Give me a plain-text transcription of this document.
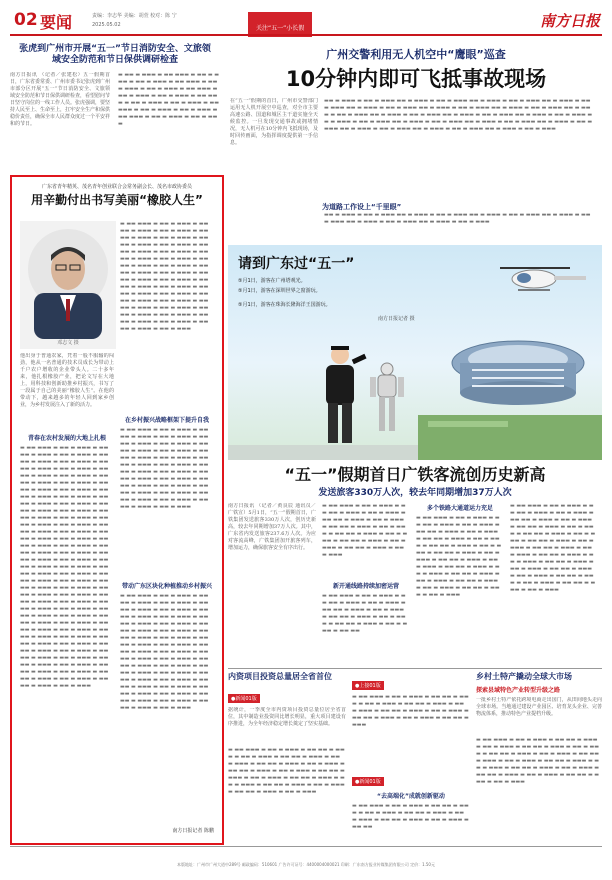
02 要闻	责编：李志华 美编：胡萱 校对：陈 宁
2025.05.02	关注“五一”小长假	南方日报
张虎到广州市开展“五一”节日消防安全、文旅领域安全防范和节日保供调研检查
南方日报讯 （记者／张建松）五一假期首日，广东省委常委、广州市委书记张虎到广州市部分区开展“五一”节日消防安全、文旅领域安全防范和节日保供调研检查，看望慰问节日坚守岗位的一线工作人员。张虎强调，要坚持人民至上、生命至上，扛牢安全生产和保供稳价责任，确保全市人民群众度过一个平安祥和的节日。
▬ ▬▬ ▬ ▬▬▬ ▬ ▬▬ ▬▬▬ ▬ ▬▬ ▬ ▬▬▬ ▬ ▬▬ ▬ ▬▬▬ ▬ ▬▬ ▬▬▬ ▬ ▬▬ ▬ ▬▬▬ ▬ ▬▬ ▬ ▬▬▬ ▬ ▬▬ ▬▬▬ ▬ ▬▬ ▬ ▬▬▬ ▬ ▬▬ ▬ ▬▬▬ ▬ ▬▬ ▬▬▬ ▬ ▬▬ ▬ ▬▬▬ ▬ ▬▬ ▬ ▬▬▬ ▬ ▬▬ ▬▬▬ ▬ ▬▬ ▬ ▬▬▬ ▬ ▬▬ ▬ ▬▬▬ ▬ ▬▬ ▬▬▬ ▬ ▬▬ ▬ ▬▬▬ ▬ ▬▬ ▬ ▬▬▬
广州交警利用无人机空中“鹰眼”巡查
10分钟内即可飞抵事故现场
在“五一”假期的首日，广州市交警部门运用无人机开展空中巡查，对全市主要高速公路、国道和城区主干道实施全天候监控。一旦发现交通事故或拥堵情况，无人机可在10分钟内飞抵现场，及时回传画面，为指挥调度提供第一手信息。
为道路工作设上“千里眼”
▬▬ ▬ ▬▬▬ ▬ ▬▬ ▬ ▬▬▬ ▬▬ ▬ ▬▬▬ ▬ ▬▬ ▬ ▬▬▬ ▬▬ ▬ ▬▬▬ ▬ ▬▬ ▬ ▬▬▬ ▬▬ ▬ ▬▬▬ ▬ ▬▬ ▬ ▬▬▬ ▬▬ ▬ ▬▬▬ ▬ ▬▬ ▬ ▬▬▬ ▬▬ ▬ ▬▬▬ ▬ ▬▬ ▬ ▬▬▬ ▬▬ ▬ ▬▬▬ ▬ ▬▬ ▬ ▬▬▬ ▬▬ ▬ ▬▬▬ ▬ ▬▬ ▬ ▬▬▬ ▬▬ ▬ ▬▬▬ ▬ ▬▬ ▬ ▬▬▬ ▬▬ ▬ ▬▬▬ ▬ ▬▬ ▬ ▬▬▬ ▬▬ ▬ ▬▬▬ ▬ ▬▬ ▬ ▬▬▬ ▬▬ ▬ ▬▬▬ ▬ ▬▬ ▬ ▬▬▬ ▬▬ ▬ ▬▬▬ ▬ ▬▬ ▬ ▬▬▬ ▬▬ ▬ ▬▬▬ ▬ ▬▬ ▬ ▬▬▬ ▬▬ ▬ ▬▬▬ ▬ ▬▬ ▬ ▬▬▬ ▬▬ ▬ ▬▬▬ ▬ ▬▬ ▬ ▬▬▬ ▬▬ ▬ ▬▬▬ ▬ ▬▬ ▬ ▬▬▬ ▬▬ ▬ ▬▬▬ ▬ ▬▬ ▬ ▬▬▬
▬▬ ▬ ▬▬▬ ▬ ▬▬ ▬ ▬▬▬ ▬▬ ▬ ▬▬▬ ▬ ▬▬ ▬ ▬▬▬ ▬▬ ▬ ▬▬▬ ▬ ▬▬ ▬ ▬▬▬ ▬▬ ▬ ▬▬▬ ▬ ▬▬ ▬ ▬▬▬ ▬▬ ▬ ▬▬▬ ▬ ▬▬ ▬ ▬▬▬ ▬▬ ▬ ▬▬▬ ▬ ▬▬ ▬ ▬▬▬
广东省青年精英、茂名青年创业联合会常务副会长、茂名市政协委员
用辛勤付出书写美丽“橡胶人生”
邓志文 摄
他出身于普通农家，凭着一股不服输的闯劲，他从一名普通的技术员成长为带动上千户农户增收的企业带头人。二十多年来，他扎根橡胶产业，把论文写在大地上，用科技和创新助推乡村振兴，书写了一段属于自己的美丽“橡胶人生”。在他的带动下，越来越多的年轻人回到家乡创业，为乡村发展注入了新的活力。
青春在农村发展的大地上扎根
▬ ▬▬ ▬▬▬ ▬ ▬▬ ▬ ▬▬▬ ▬ ▬▬ ▬▬ ▬ ▬▬▬ ▬ ▬▬ ▬ ▬▬▬ ▬ ▬▬ ▬▬ ▬ ▬▬▬ ▬ ▬▬ ▬ ▬▬▬ ▬ ▬▬ ▬▬ ▬ ▬▬▬ ▬ ▬▬ ▬ ▬▬▬ ▬ ▬▬ ▬▬ ▬ ▬▬▬ ▬ ▬▬ ▬ ▬▬▬ ▬ ▬▬ ▬▬ ▬ ▬▬▬ ▬ ▬▬ ▬ ▬▬▬ ▬ ▬▬ ▬▬ ▬ ▬▬▬ ▬ ▬▬ ▬ ▬▬▬ ▬ ▬▬ ▬▬ ▬ ▬▬▬ ▬ ▬▬ ▬ ▬▬▬ ▬ ▬▬ ▬▬ ▬ ▬▬▬ ▬ ▬▬ ▬ ▬▬▬ ▬ ▬▬ ▬▬ ▬ ▬▬▬ ▬ ▬▬ ▬ ▬▬▬ ▬ ▬▬ ▬▬ ▬ ▬▬▬ ▬ ▬▬ ▬ ▬▬▬ ▬ ▬▬ ▬▬ ▬ ▬▬▬ ▬ ▬▬ ▬ ▬▬▬ ▬ ▬▬ ▬▬ ▬ ▬▬▬ ▬ ▬▬ ▬ ▬▬▬ ▬ ▬▬ ▬▬ ▬ ▬▬▬ ▬ ▬▬ ▬ ▬▬▬ ▬ ▬▬ ▬▬ ▬ ▬▬▬ ▬ ▬▬ ▬ ▬▬▬ ▬ ▬▬ ▬▬ ▬ ▬▬▬ ▬ ▬▬ ▬ ▬▬▬ ▬ ▬▬ ▬▬ ▬ ▬▬▬ ▬ ▬▬ ▬ ▬▬▬ ▬ ▬▬ ▬▬ ▬ ▬▬▬ ▬ ▬▬ ▬ ▬▬▬ ▬ ▬▬ ▬▬ ▬ ▬▬▬ ▬ ▬▬ ▬ ▬▬▬ ▬ ▬▬ ▬▬ ▬ ▬▬▬ ▬ ▬▬ ▬ ▬▬▬ ▬ ▬▬ ▬▬ ▬ ▬▬▬ ▬ ▬▬ ▬ ▬▬▬ ▬ ▬▬ ▬▬ ▬ ▬▬▬ ▬ ▬▬ ▬ ▬▬▬ ▬ ▬▬ ▬▬ ▬ ▬▬▬ ▬ ▬▬ ▬ ▬▬▬ ▬ ▬▬ ▬▬ ▬ ▬▬▬ ▬ ▬▬ ▬ ▬▬▬ ▬ ▬▬ ▬▬ ▬ ▬▬▬ ▬ ▬▬ ▬ ▬▬▬ ▬ ▬▬ ▬▬ ▬ ▬▬▬ ▬ ▬▬ ▬ ▬▬▬ ▬ ▬▬ ▬▬ ▬ ▬▬▬ ▬ ▬▬ ▬ ▬▬▬ ▬ ▬▬ ▬▬ ▬ ▬▬▬ ▬ ▬▬ ▬ ▬▬▬ ▬ ▬▬ ▬▬ ▬ ▬▬▬ ▬ ▬▬ ▬ ▬▬▬ ▬ ▬▬ ▬▬ ▬ ▬▬▬ ▬ ▬▬ ▬ ▬▬▬ ▬ ▬▬ ▬▬ ▬ ▬▬▬ ▬ ▬▬ ▬ ▬▬▬ ▬ ▬▬ ▬▬ ▬ ▬▬▬ ▬ ▬▬ ▬ ▬▬▬ ▬ ▬▬ ▬▬ ▬ ▬▬▬ ▬ ▬▬ ▬ ▬▬▬ ▬ ▬▬ ▬▬ ▬ ▬▬▬ ▬ ▬▬ ▬ ▬▬▬ ▬ ▬▬ ▬▬ ▬ ▬▬▬ ▬ ▬▬ ▬ ▬▬▬
▬ ▬▬ ▬▬▬ ▬ ▬▬ ▬ ▬▬▬ ▬ ▬▬ ▬▬ ▬ ▬▬▬ ▬ ▬▬ ▬ ▬▬▬ ▬ ▬▬ ▬▬ ▬ ▬▬▬ ▬ ▬▬ ▬ ▬▬▬ ▬ ▬▬ ▬▬ ▬ ▬▬▬ ▬ ▬▬ ▬ ▬▬▬ ▬ ▬▬ ▬▬ ▬ ▬▬▬ ▬ ▬▬ ▬ ▬▬▬ ▬ ▬▬ ▬▬ ▬ ▬▬▬ ▬ ▬▬ ▬ ▬▬▬ ▬ ▬▬ ▬▬ ▬ ▬▬▬ ▬ ▬▬ ▬ ▬▬▬ ▬ ▬▬ ▬▬ ▬ ▬▬▬ ▬ ▬▬ ▬ ▬▬▬ ▬ ▬▬ ▬▬ ▬ ▬▬▬ ▬ ▬▬ ▬ ▬▬▬ ▬ ▬▬ ▬▬ ▬ ▬▬▬ ▬ ▬▬ ▬ ▬▬▬ ▬ ▬▬ ▬▬ ▬ ▬▬▬ ▬ ▬▬ ▬ ▬▬▬ ▬ ▬▬ ▬▬ ▬ ▬▬▬ ▬ ▬▬ ▬ ▬▬▬ ▬ ▬▬ ▬▬ ▬ ▬▬▬ ▬ ▬▬ ▬ ▬▬▬ ▬ ▬▬ ▬▬ ▬ ▬▬▬ ▬ ▬▬ ▬ ▬▬▬ ▬ ▬▬ ▬▬ ▬ ▬▬▬ ▬ ▬▬ ▬ ▬▬▬ ▬ ▬▬ ▬▬ ▬ ▬▬▬ ▬ ▬▬ ▬ ▬▬▬
在乡村振兴战略框架下提升自我
▬ ▬▬ ▬▬▬ ▬ ▬▬ ▬ ▬▬▬ ▬ ▬▬ ▬▬ ▬ ▬▬▬ ▬ ▬▬ ▬ ▬▬▬ ▬ ▬▬ ▬▬ ▬ ▬▬▬ ▬ ▬▬ ▬ ▬▬▬ ▬ ▬▬ ▬▬ ▬ ▬▬▬ ▬ ▬▬ ▬ ▬▬▬ ▬ ▬▬ ▬▬ ▬ ▬▬▬ ▬ ▬▬ ▬ ▬▬▬ ▬ ▬▬ ▬▬ ▬ ▬▬▬ ▬ ▬▬ ▬ ▬▬▬ ▬ ▬▬ ▬▬ ▬ ▬▬▬ ▬ ▬▬ ▬ ▬▬▬ ▬ ▬▬ ▬▬ ▬ ▬▬▬ ▬ ▬▬ ▬ ▬▬▬ ▬ ▬▬ ▬▬ ▬ ▬▬▬ ▬ ▬▬ ▬ ▬▬▬ ▬ ▬▬ ▬▬ ▬ ▬▬▬ ▬ ▬▬ ▬ ▬▬▬ ▬ ▬▬ ▬▬ ▬ ▬▬▬ ▬ ▬▬ ▬ ▬▬▬ ▬ ▬▬ ▬▬ ▬ ▬▬▬ ▬ ▬▬ ▬ ▬▬▬
带动广东区块化种植推动乡村振兴
▬ ▬▬ ▬▬▬ ▬ ▬▬ ▬ ▬▬▬ ▬ ▬▬ ▬▬ ▬ ▬▬▬ ▬ ▬▬ ▬ ▬▬▬ ▬ ▬▬ ▬▬ ▬ ▬▬▬ ▬ ▬▬ ▬ ▬▬▬ ▬ ▬▬ ▬▬ ▬ ▬▬▬ ▬ ▬▬ ▬ ▬▬▬ ▬ ▬▬ ▬▬ ▬ ▬▬▬ ▬ ▬▬ ▬ ▬▬▬ ▬ ▬▬ ▬▬ ▬ ▬▬▬ ▬ ▬▬ ▬ ▬▬▬ ▬ ▬▬ ▬▬ ▬ ▬▬▬ ▬ ▬▬ ▬ ▬▬▬ ▬ ▬▬ ▬▬ ▬ ▬▬▬ ▬ ▬▬ ▬ ▬▬▬ ▬ ▬▬ ▬▬ ▬ ▬▬▬ ▬ ▬▬ ▬ ▬▬▬ ▬ ▬▬ ▬▬ ▬ ▬▬▬ ▬ ▬▬ ▬ ▬▬▬ ▬ ▬▬ ▬▬ ▬ ▬▬▬ ▬ ▬▬ ▬ ▬▬▬ ▬ ▬▬ ▬▬ ▬ ▬▬▬ ▬ ▬▬ ▬ ▬▬▬ ▬ ▬▬ ▬▬ ▬ ▬▬▬ ▬ ▬▬ ▬ ▬▬▬ ▬ ▬▬ ▬▬ ▬ ▬▬▬ ▬ ▬▬ ▬ ▬▬▬ ▬ ▬▬ ▬▬ ▬ ▬▬▬ ▬ ▬▬ ▬ ▬▬▬ ▬ ▬▬ ▬▬ ▬ ▬▬▬ ▬ ▬▬ ▬ ▬▬▬ ▬ ▬▬ ▬▬ ▬ ▬▬▬ ▬ ▬▬ ▬ ▬▬▬
南方日报记者 陈鹏
请到广东过“五一”
⑤月1日，游客在广州塔观光。
⑤月1日，游客在深圳世界之窗游玩。
⑤月1日，游客在珠海长隆海洋王国游玩。
南方日报记者 摄
“五一”假期首日广铁客流创历史新高
发送旅客330万人次，较去年同期增加37万人次
南方日报讯 （记者／黄良辰 通讯员／广铁宣）5月1日，“五一”假期首日，广铁集团发送旅客330万人次，创历史新高，较去年同期增加37万人次。其中，广东省内发送旅客237.6万人次。为应对客流高峰，广铁集团加开旅客列车，增加运力，确保旅客安全有序出行。
▬ ▬▬ ▬▬▬ ▬ ▬▬ ▬ ▬▬▬ ▬ ▬▬ ▬▬ ▬ ▬▬▬ ▬ ▬▬ ▬ ▬▬▬ ▬ ▬▬ ▬▬ ▬ ▬▬▬ ▬ ▬▬ ▬ ▬▬▬ ▬ ▬▬ ▬▬ ▬ ▬▬▬ ▬ ▬▬ ▬ ▬▬▬ ▬ ▬▬ ▬▬ ▬ ▬▬▬ ▬ ▬▬ ▬ ▬▬▬ ▬ ▬▬ ▬▬ ▬ ▬▬▬ ▬ ▬▬ ▬ ▬▬▬ ▬ ▬▬ ▬▬ ▬ ▬▬▬ ▬ ▬▬ ▬ ▬▬▬
新开通线路持续加密运营
▬ ▬▬ ▬▬▬ ▬ ▬▬ ▬ ▬▬▬ ▬ ▬▬ ▬▬ ▬ ▬▬▬ ▬ ▬▬ ▬ ▬▬▬ ▬ ▬▬ ▬▬ ▬ ▬▬▬ ▬ ▬▬ ▬ ▬▬▬ ▬ ▬▬ ▬▬ ▬ ▬▬▬ ▬ ▬▬ ▬ ▬▬▬ ▬ ▬▬ ▬▬ ▬ ▬▬▬ ▬ ▬▬ ▬ ▬▬▬ ▬ ▬▬ ▬▬
多个铁路大通道运力充足
▬ ▬▬ ▬▬▬ ▬ ▬▬ ▬ ▬▬▬ ▬ ▬▬ ▬▬ ▬ ▬▬▬ ▬ ▬▬ ▬ ▬▬▬ ▬ ▬▬ ▬▬ ▬ ▬▬▬ ▬ ▬▬ ▬ ▬▬▬ ▬ ▬▬ ▬▬ ▬ ▬▬▬ ▬ ▬▬ ▬ ▬▬▬ ▬ ▬▬ ▬▬ ▬ ▬▬▬ ▬ ▬▬ ▬ ▬▬▬ ▬ ▬▬ ▬▬ ▬ ▬▬▬ ▬ ▬▬ ▬ ▬▬▬ ▬ ▬▬ ▬▬ ▬ ▬▬▬ ▬ ▬▬ ▬ ▬▬▬ ▬ ▬▬ ▬▬ ▬ ▬▬▬ ▬ ▬▬ ▬ ▬▬▬ ▬ ▬▬ ▬▬ ▬ ▬▬▬ ▬ ▬▬ ▬ ▬▬▬ ▬ ▬▬ ▬▬ ▬ ▬▬▬ ▬ ▬▬ ▬ ▬▬▬ ▬ ▬▬ ▬▬ ▬ ▬▬▬ ▬ ▬▬ ▬ ▬▬▬
▬ ▬▬ ▬▬▬ ▬ ▬▬ ▬ ▬▬▬ ▬ ▬▬ ▬▬ ▬ ▬▬▬ ▬ ▬▬ ▬ ▬▬▬ ▬ ▬▬ ▬▬ ▬ ▬▬▬ ▬ ▬▬ ▬ ▬▬▬ ▬ ▬▬ ▬▬ ▬ ▬▬▬ ▬ ▬▬ ▬ ▬▬▬ ▬ ▬▬ ▬▬ ▬ ▬▬▬ ▬ ▬▬ ▬ ▬▬▬ ▬ ▬▬ ▬▬ ▬ ▬▬▬ ▬ ▬▬ ▬ ▬▬▬ ▬ ▬▬ ▬▬ ▬ ▬▬▬ ▬ ▬▬ ▬ ▬▬▬ ▬ ▬▬ ▬▬ ▬ ▬▬▬ ▬ ▬▬ ▬ ▬▬▬ ▬ ▬▬ ▬▬ ▬ ▬▬▬ ▬ ▬▬ ▬ ▬▬▬ ▬ ▬▬ ▬▬ ▬ ▬▬▬ ▬ ▬▬ ▬ ▬▬▬ ▬ ▬▬ ▬▬ ▬ ▬▬▬ ▬ ▬▬ ▬ ▬▬▬ ▬ ▬▬ ▬▬ ▬ ▬▬▬ ▬ ▬▬ ▬ ▬▬▬
本版地址：广州市广州大道中289号 邮政编码：510601 广告许可证号：4400004000021 印刷：广东南方报业传媒集团有限公司 定价：1.50元
内资项目投资总量居全省首位
●新闻01版
据统计，一季度全市内资项目投资总量位居全省首位，其中制造业投资同比增长明显，重大项目建设有序推进，为全年经济稳定增长奠定了坚实基础。
▬ ▬▬ ▬▬▬ ▬ ▬▬ ▬ ▬▬▬ ▬ ▬▬ ▬▬ ▬ ▬▬▬ ▬ ▬▬ ▬ ▬▬▬ ▬ ▬▬ ▬▬ ▬ ▬▬▬ ▬ ▬▬ ▬ ▬▬▬ ▬ ▬▬ ▬▬ ▬ ▬▬▬ ▬ ▬▬ ▬ ▬▬▬ ▬ ▬▬ ▬▬ ▬ ▬▬▬ ▬ ▬▬ ▬ ▬▬▬ ▬ ▬▬ ▬▬ ▬ ▬▬▬ ▬ ▬▬ ▬ ▬▬▬ ▬ ▬▬ ▬▬ ▬ ▬▬▬ ▬ ▬▬ ▬ ▬▬▬ ▬ ▬▬ ▬▬ ▬ ▬▬▬ ▬ ▬▬ ▬ ▬▬▬ ▬ ▬▬ ▬▬ ▬ ▬▬▬ ▬ ▬▬ ▬ ▬▬▬
●上接01版
▬ ▬▬ ▬▬▬ ▬ ▬▬ ▬ ▬▬▬ ▬ ▬▬ ▬▬ ▬ ▬▬▬ ▬ ▬▬ ▬ ▬▬▬ ▬ ▬▬ ▬▬ ▬ ▬▬▬ ▬ ▬▬ ▬ ▬▬▬ ▬ ▬▬ ▬▬ ▬ ▬▬▬ ▬ ▬▬ ▬ ▬▬▬ ▬ ▬▬ ▬▬ ▬ ▬▬▬ ▬ ▬▬ ▬ ▬▬▬ ▬ ▬▬ ▬▬ ▬ ▬▬▬
●新闻01版
“去高端化”成就创新驱动
▬ ▬▬ ▬▬▬ ▬ ▬▬ ▬ ▬▬▬ ▬ ▬▬ ▬▬ ▬ ▬▬▬ ▬ ▬▬ ▬ ▬▬▬ ▬ ▬▬ ▬▬ ▬ ▬▬▬ ▬ ▬▬ ▬ ▬▬▬ ▬ ▬▬ ▬▬ ▬ ▬▬▬ ▬ ▬▬ ▬ ▬▬▬ ▬ ▬▬ ▬▬
乡村土特产撬动全球大市场
探索县域特色产业转型升级之路
一批乡村土特产依托跨境电商走出国门，从田间地头走向全球市场。当地通过建设产业园区、培育龙头企业、完善物流体系，推动特色产业提档升级。
▬ ▬▬ ▬▬▬ ▬ ▬▬ ▬ ▬▬▬ ▬ ▬▬ ▬▬ ▬ ▬▬▬ ▬ ▬▬ ▬ ▬▬▬ ▬ ▬▬ ▬▬ ▬ ▬▬▬ ▬ ▬▬ ▬ ▬▬▬ ▬ ▬▬ ▬▬ ▬ ▬▬▬ ▬ ▬▬ ▬ ▬▬▬ ▬ ▬▬ ▬▬ ▬ ▬▬▬ ▬ ▬▬ ▬ ▬▬▬ ▬ ▬▬ ▬▬ ▬ ▬▬▬ ▬ ▬▬ ▬ ▬▬▬ ▬ ▬▬ ▬▬ ▬ ▬▬▬ ▬ ▬▬ ▬ ▬▬▬ ▬ ▬▬ ▬▬ ▬ ▬▬▬ ▬ ▬▬ ▬ ▬▬▬ ▬ ▬▬ ▬▬ ▬ ▬▬▬ ▬ ▬▬ ▬ ▬▬▬
